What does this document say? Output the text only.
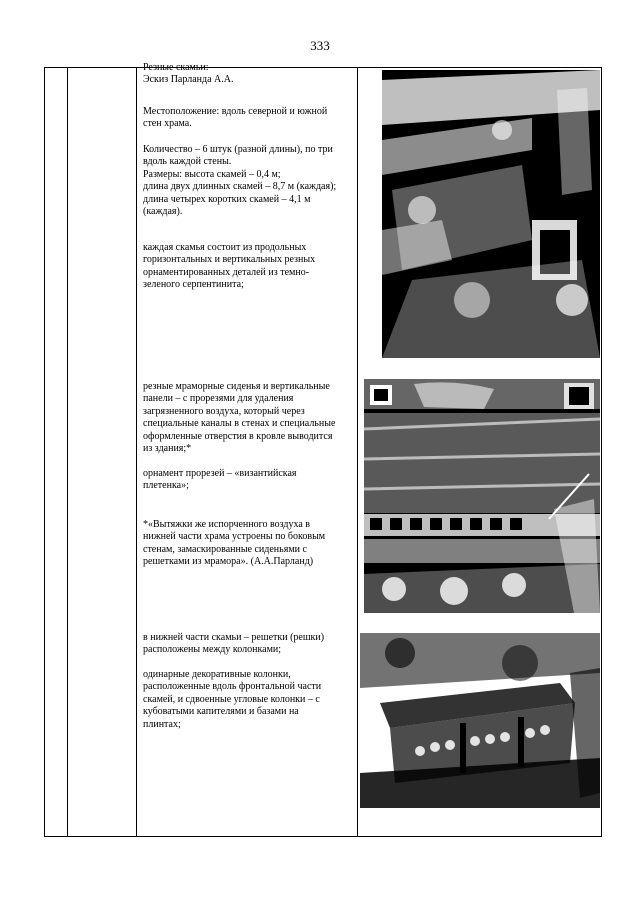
333

Резные скамьи:
Эскиз Парланда А.А.

Местоположение: вдоль северной и южной
стен храма.

Количество – 6 штук (разной длины), по три
вдоль каждой стены.
Размеры: высота скамей – 0,4 м;
длина двух длинных скамей – 8,7 м (каждая);
длина четырех коротких скамей – 4,1 м
(каждая).

каждая скамья состоит из продольных
горизонтальных и вертикальных резных
орнаментированных деталей из темно-
зеленого серпентинита;

резные мраморные сиденья и вертикальные
панели – с прорезями для удаления
загрязненного воздуха, который через
специальные каналы в стенах и специальные
оформленные отверстия в кровле выводится
из здания;*

орнамент прорезей – «византийская
плетенка»;

*«Вытяжки же испорченного воздуха в
нижней части храма устроены по боковым
стенам, замаскированные сиденьями с
решетками из мрамора». (А.А.Парланд)

в нижней части скамьи – решетки (решки)
расположены между колонками;

одинарные декоративные колонки,
расположенные вдоль фронтальной части
скамей, и сдвоенные угловые колонки – с
кубоватыми капителями и базами на
плинтах;
